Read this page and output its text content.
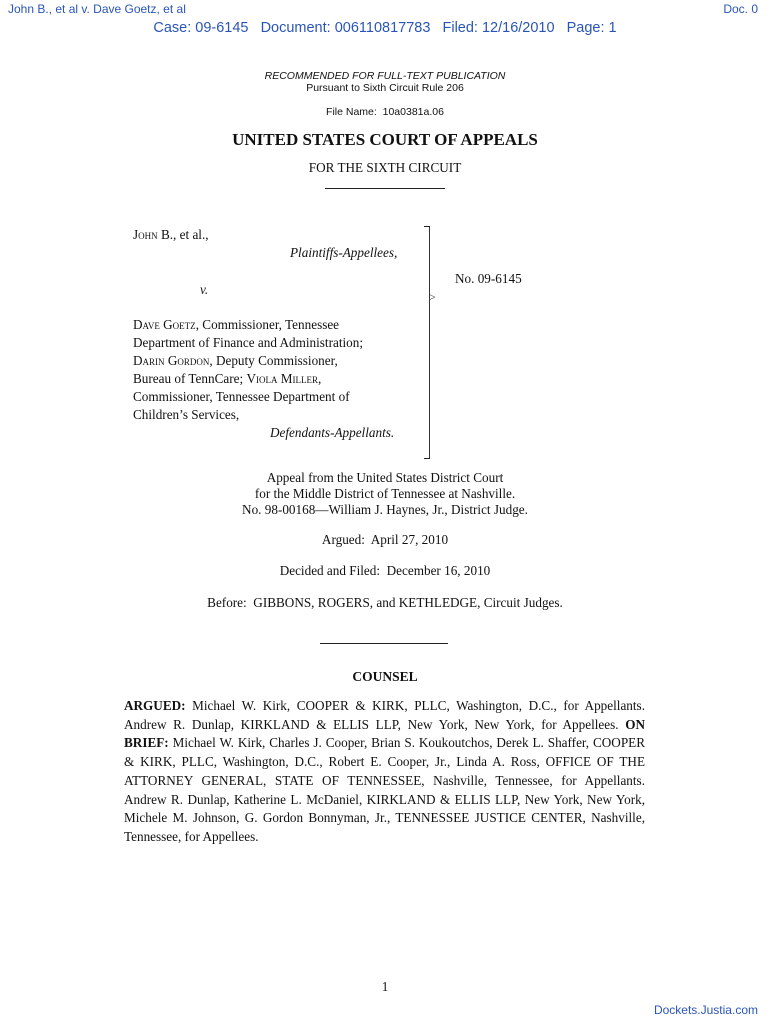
John B., et al v. Dave Goetz, et al	Doc. 0
Case: 09-6145   Document: 006110817783   Filed: 12/16/2010   Page: 1
RECOMMENDED FOR FULL-TEXT PUBLICATION
Pursuant to Sixth Circuit Rule 206
File Name:  10a0381a.06
UNITED STATES COURT OF APPEALS
FOR THE SIXTH CIRCUIT
John B., et al.,
Plaintiffs-Appellees,
v.
Dave Goetz, Commissioner, Tennessee
Department of Finance and Administration;
Darin Gordon, Deputy Commissioner,
Bureau of TennCare; Viola Miller,
Commissioner, Tennessee Department of
Children’s Services,
Defendants-Appellants.
>
No. 09-6145
Appeal from the United States District Court
for the Middle District of Tennessee at Nashville.
No. 98-00168—William J. Haynes, Jr., District Judge.
Argued:  April 27, 2010
Decided and Filed:  December 16, 2010
Before:  GIBBONS, ROGERS, and KETHLEDGE, Circuit Judges.
COUNSEL
ARGUED: Michael W. Kirk, COOPER & KIRK, PLLC, Washington, D.C., for Appellants. Andrew R. Dunlap, KIRKLAND & ELLIS LLP, New York, New York, for Appellees. ON BRIEF: Michael W. Kirk, Charles J. Cooper, Brian S. Koukoutchos, Derek L. Shaffer, COOPER & KIRK, PLLC, Washington, D.C., Robert E. Cooper, Jr., Linda A. Ross, OFFICE OF THE ATTORNEY GENERAL, STATE OF TENNESSEE, Nashville, Tennessee, for Appellants. Andrew R. Dunlap, Katherine L. McDaniel, KIRKLAND & ELLIS LLP, New York, New York, Michele M. Johnson, G. Gordon Bonnyman, Jr., TENNESSEE JUSTICE CENTER, Nashville, Tennessee, for Appellees.
1
Dockets.Justia.com
